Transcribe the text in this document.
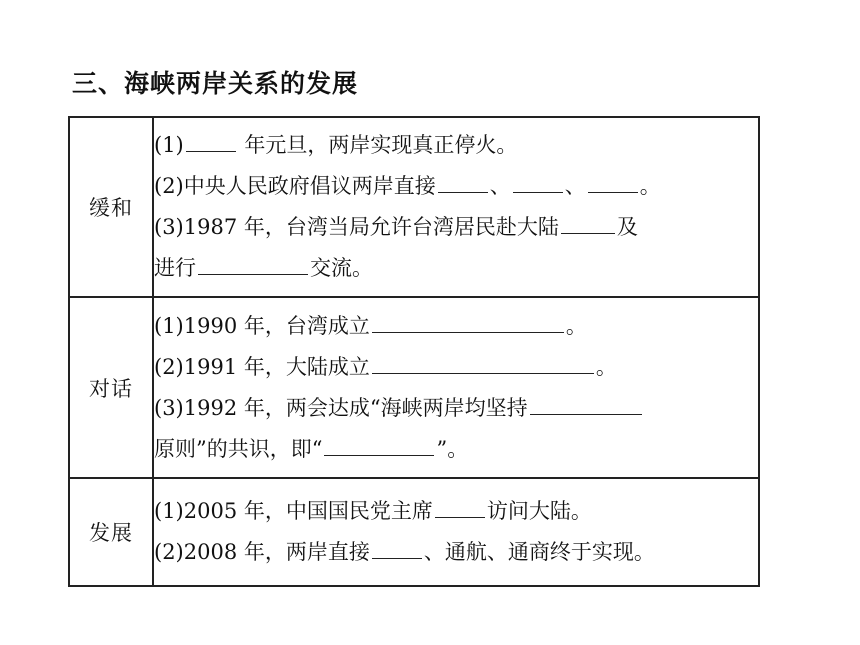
三、海峡两岸关系的发展
缓和	(1) 年元旦，两岸实现真正停火。
(2)中央人民政府倡议两岸直接 、 、 。
(3)1987 年，台湾当局允许台湾居民赴大陆 及
进行 交流。

对话	(1)1990 年，台湾成立 。
(2)1991 年，大陆成立 。
(3)1992 年，两会达成“海峡两岸均坚持
原则”的共识，即“ ”。

发展	(1)2005 年，中国国民党主席 访问大陆。
(2)2008 年，两岸直接 、通航、通商终于实现。
